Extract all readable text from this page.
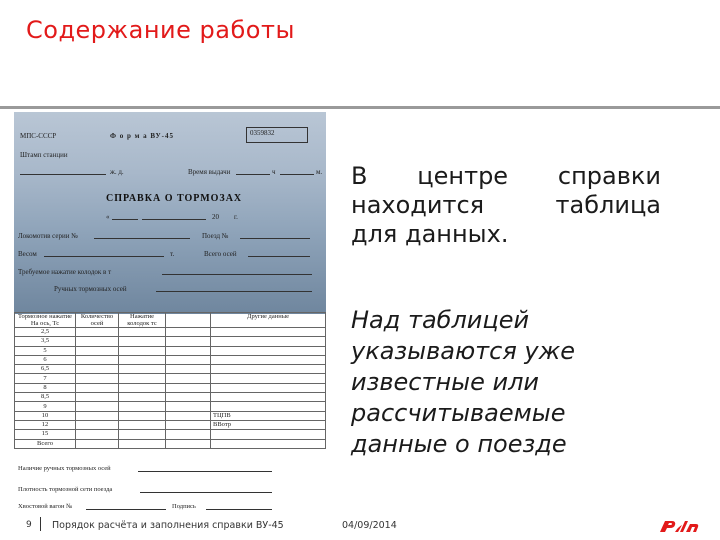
Содержание работы
МПС-СССР	Ф о р м а ВУ-45	0359832
Штамп станции
ж. д.	Время выдачи	ч	м.
СПРАВКА О ТОРМОЗАХ
«	20 г.
Локомотив серии №	Поезд №
Весом	т.	Всего осей
Требуемое нажатие колодок в т
Ручных тормозных осей
Тормозное нажатие На ось, Тс	Количество осей	Нажатие колодок тс		Другие данные
2,5				
3,5				
5				
6				
6,5				
7				
8				
8,5				
9				
10				ТЦПВ
12				ВВотр
15				
Всего				
Наличие ручных тормозных осей
Плотность тормозной сети поезда
Хвостовой вагон №	Подпись
В центре справки
находится	таблица
для данных.
Над таблицей
указываются уже
известные или
рассчитываемые
данные о поезде
9 Порядок расчёта и заполнения справки ВУ-45	04/09/2014
